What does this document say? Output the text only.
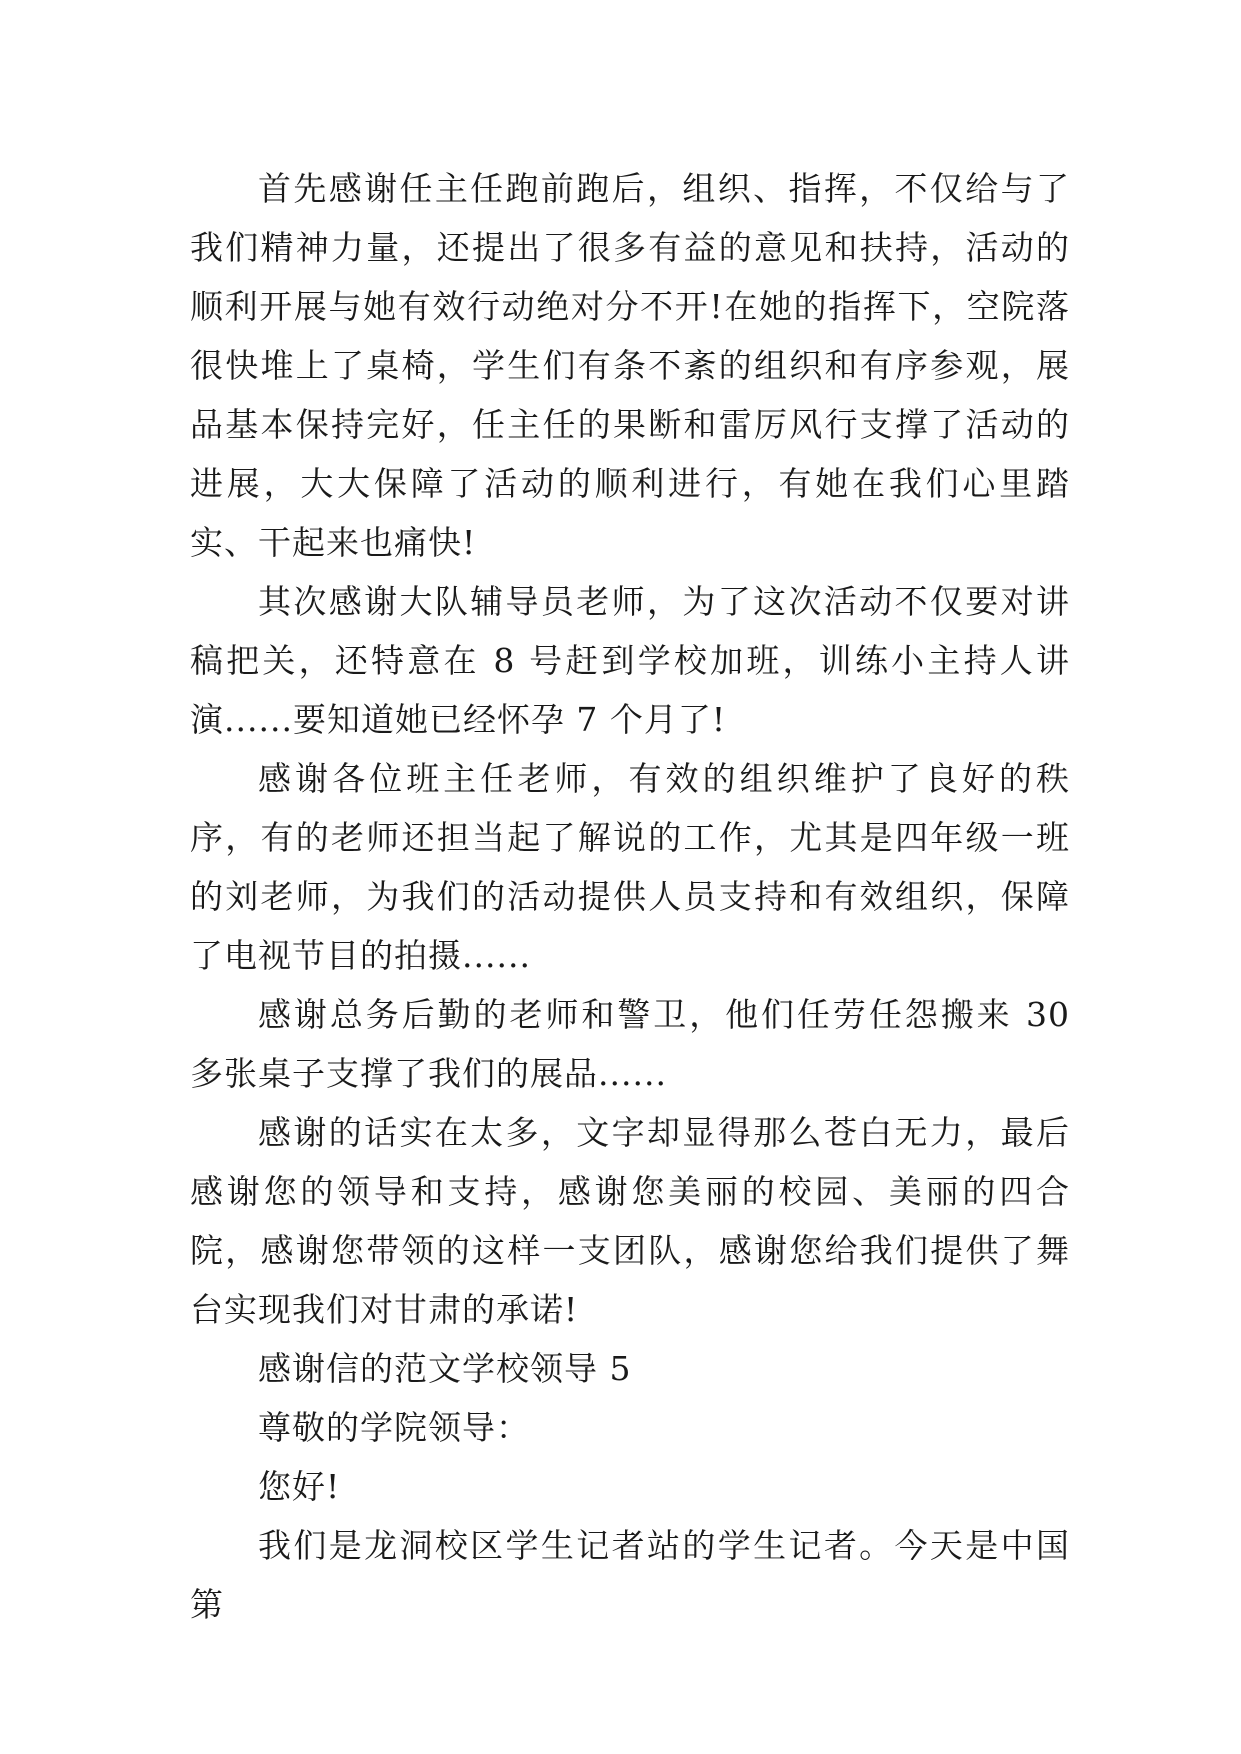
首先感谢任主任跑前跑后，组织、指挥，不仅给与了我们精神力量，还提出了很多有益的意见和扶持，活动的顺利开展与她有效行动绝对分不开!在她的指挥下，空院落很快堆上了桌椅，学生们有条不紊的组织和有序参观，展品基本保持完好，任主任的果断和雷厉风行支撑了活动的进展，大大保障了活动的顺利进行，有她在我们心里踏实、干起来也痛快!

其次感谢大队辅导员老师，为了这次活动不仅要对讲稿把关，还特意在 8 号赶到学校加班，训练小主持人讲演......要知道她已经怀孕 7 个月了!

感谢各位班主任老师，有效的组织维护了良好的秩序，有的老师还担当起了解说的工作，尤其是四年级一班的刘老师，为我们的活动提供人员支持和有效组织，保障了电视节目的拍摄......

感谢总务后勤的老师和警卫，他们任劳任怨搬来 30 多张桌子支撑了我们的展品......

感谢的话实在太多，文字却显得那么苍白无力，最后感谢您的领导和支持，感谢您美丽的校园、美丽的四合院，感谢您带领的这样一支团队，感谢您给我们提供了舞台实现我们对甘肃的承诺!

感谢信的范文学校领导 5

尊敬的学院领导：

您好!

我们是龙洞校区学生记者站的学生记者。今天是中国第
